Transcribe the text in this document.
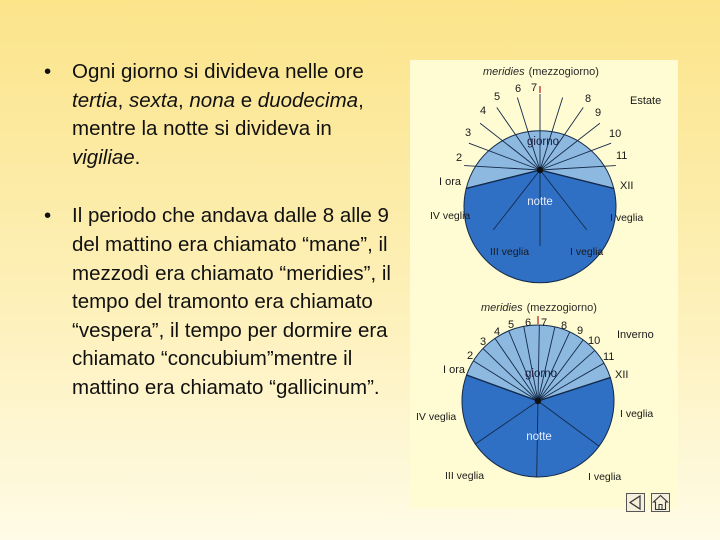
• Ogni giorno si divideva nelle ore tertia, sexta, nona e duodecima, mentre la notte si divideva in vigiliae.
• Il periodo che andava dalle 8 alle 9 del mattino era chiamato “mane”, il mezzodì era chiamato “meridies”, il tempo del tramonto era chiamato “vespera”, il tempo per dormire era chiamato “concubium”mentre il mattino era chiamato “gallicinum”.
meridies (mezzogiorno)
Estate
giorno
notte
I ora
2
3
4
5
6 7
8
9
10
11
XII
IV veglia
III veglia	I veglia
I veglia
meridies (mezzogiorno)
Inverno
giorno
notte
I ora
2
3
4
5 6 7 8 9
10
11
XII
IV veglia
III veglia	I veglia
I veglia
